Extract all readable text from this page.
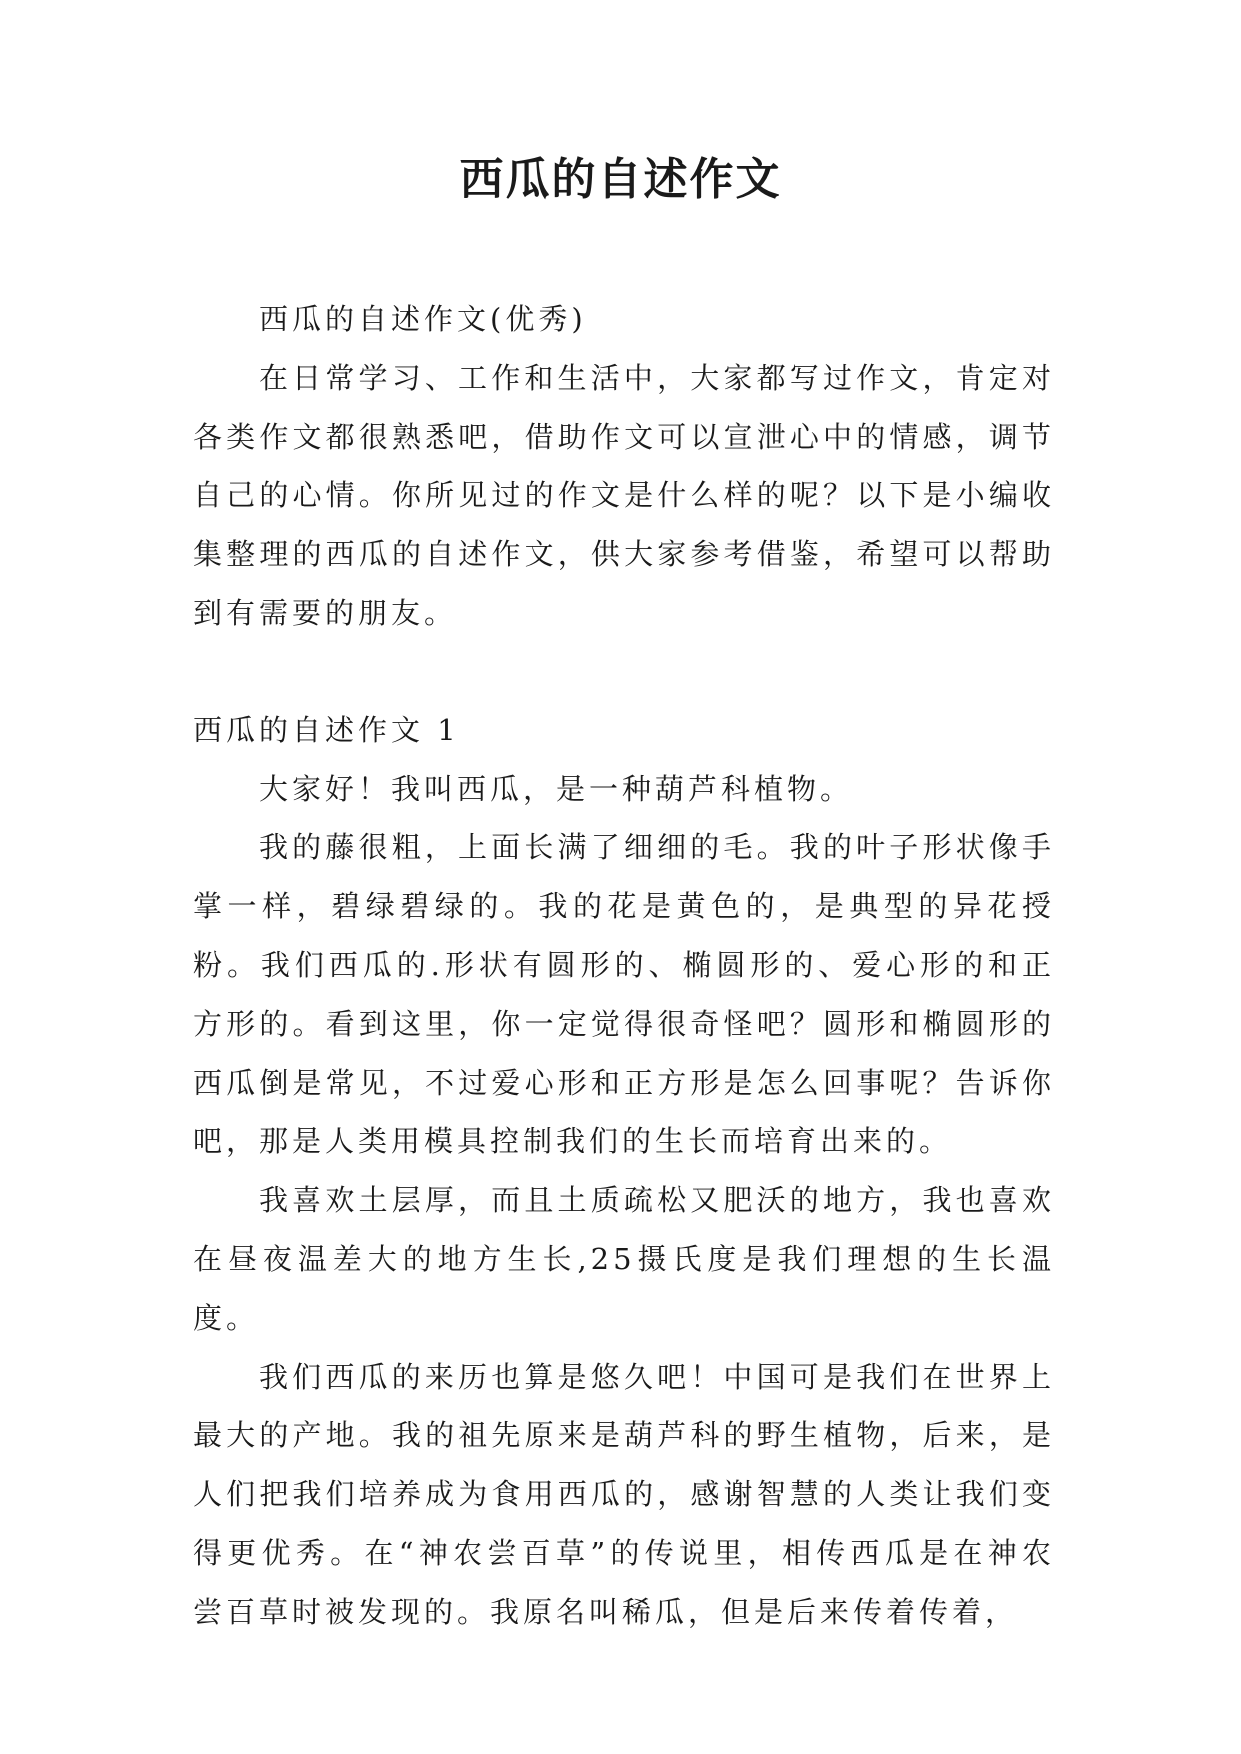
西瓜的自述作文

西瓜的自述作文(优秀)

在日常学习、工作和生活中，大家都写过作文，肯定对各类作文都很熟悉吧，借助作文可以宣泄心中的情感，调节自己的心情。你所见过的作文是什么样的呢？以下是小编收集整理的西瓜的自述作文，供大家参考借鉴，希望可以帮助到有需要的朋友。

西瓜的自述作文 1

大家好！我叫西瓜，是一种葫芦科植物。

我的藤很粗，上面长满了细细的毛。我的叶子形状像手掌一样，碧绿碧绿的。我的花是黄色的，是典型的异花授粉。我们西瓜的.形状有圆形的、椭圆形的、爱心形的和正方形的。看到这里，你一定觉得很奇怪吧？圆形和椭圆形的西瓜倒是常见，不过爱心形和正方形是怎么回事呢？告诉你吧，那是人类用模具控制我们的生长而培育出来的。

我喜欢土层厚，而且土质疏松又肥沃的地方，我也喜欢在昼夜温差大的地方生长,25摄氏度是我们理想的生长温度。

我们西瓜的来历也算是悠久吧！中国可是我们在世界上最大的产地。我的祖先原来是葫芦科的野生植物，后来，是人们把我们培养成为食用西瓜的，感谢智慧的人类让我们变得更优秀。在“神农尝百草”的传说里，相传西瓜是在神农尝百草时被发现的。我原名叫稀瓜，但是后来传着传着，
